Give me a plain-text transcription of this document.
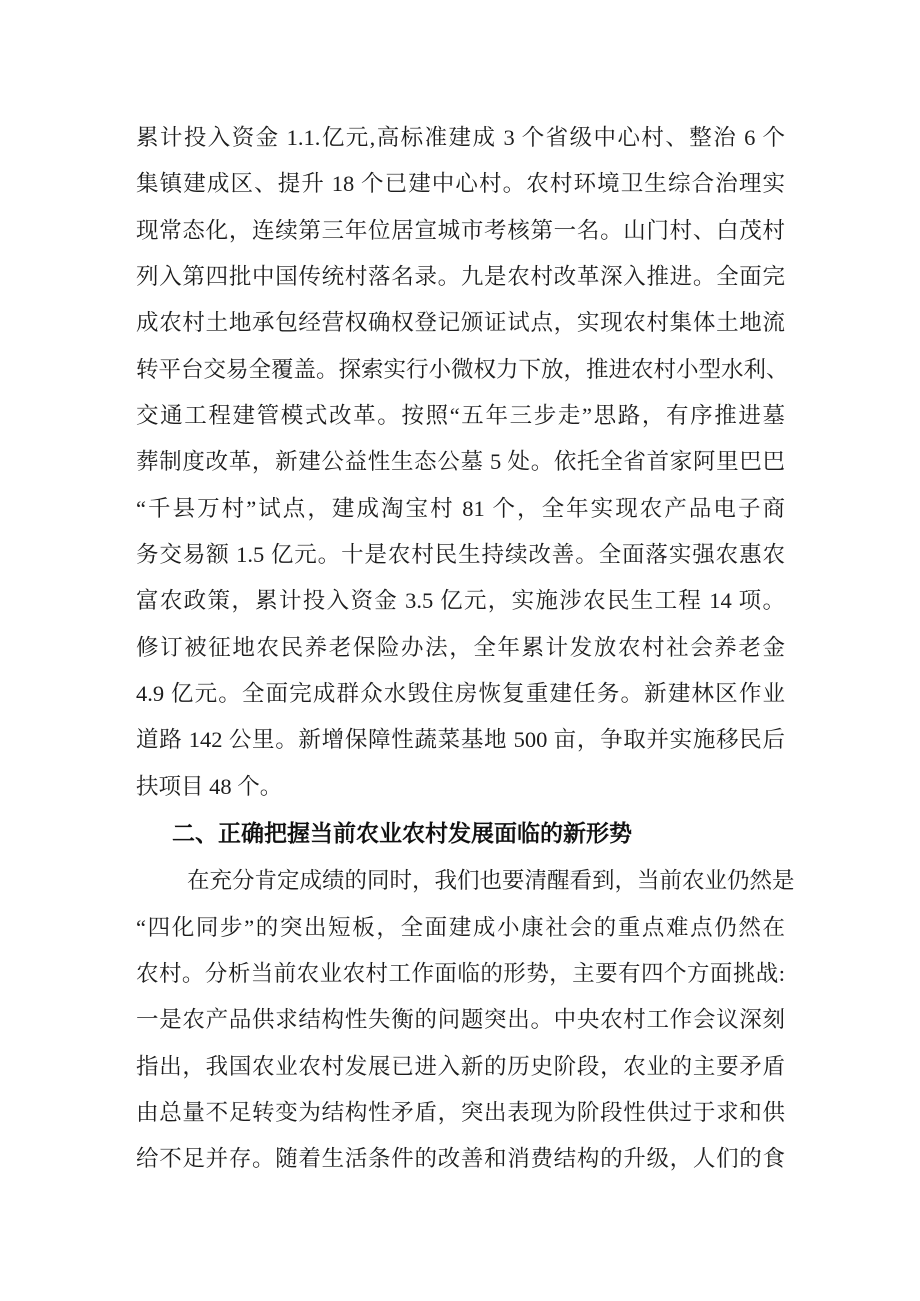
累计投入资金 1.1.亿元,高标准建成 3 个省级中心村、整治 6 个
集镇建成区、提升 18 个已建中心村。农村环境卫生综合治理实
现常态化，连续第三年位居宣城市考核第一名。山门村、白茂村
列入第四批中国传统村落名录。九是农村改革深入推进。全面完
成农村土地承包经营权确权登记颁证试点，实现农村集体土地流
转平台交易全覆盖。探索实行小微权力下放，推进农村小型水利、
交通工程建管模式改革。按照“五年三步走”思路，有序推进墓
葬制度改革，新建公益性生态公墓 5 处。依托全省首家阿里巴巴
“千县万村”试点，建成淘宝村 81 个，全年实现农产品电子商
务交易额 1.5 亿元。十是农村民生持续改善。全面落实强农惠农
富农政策，累计投入资金 3.5 亿元，实施涉农民生工程 14 项。
修订被征地农民养老保险办法，全年累计发放农村社会养老金
4.9 亿元。全面完成群众水毁住房恢复重建任务。新建林区作业
道路 142 公里。新增保障性蔬菜基地 500 亩，争取并实施移民后
扶项目 48 个。
二、正确把握当前农业农村发展面临的新形势
在充分肯定成绩的同时，我们也要清醒看到，当前农业仍然是
“四化同步”的突出短板，全面建成小康社会的重点难点仍然在
农村。分析当前农业农村工作面临的形势，主要有四个方面挑战:
一是农产品供求结构性失衡的问题突出。中央农村工作会议深刻
指出，我国农业农村发展已进入新的历史阶段，农业的主要矛盾
由总量不足转变为结构性矛盾，突出表现为阶段性供过于求和供
给不足并存。随着生活条件的改善和消费结构的升级，人们的食
